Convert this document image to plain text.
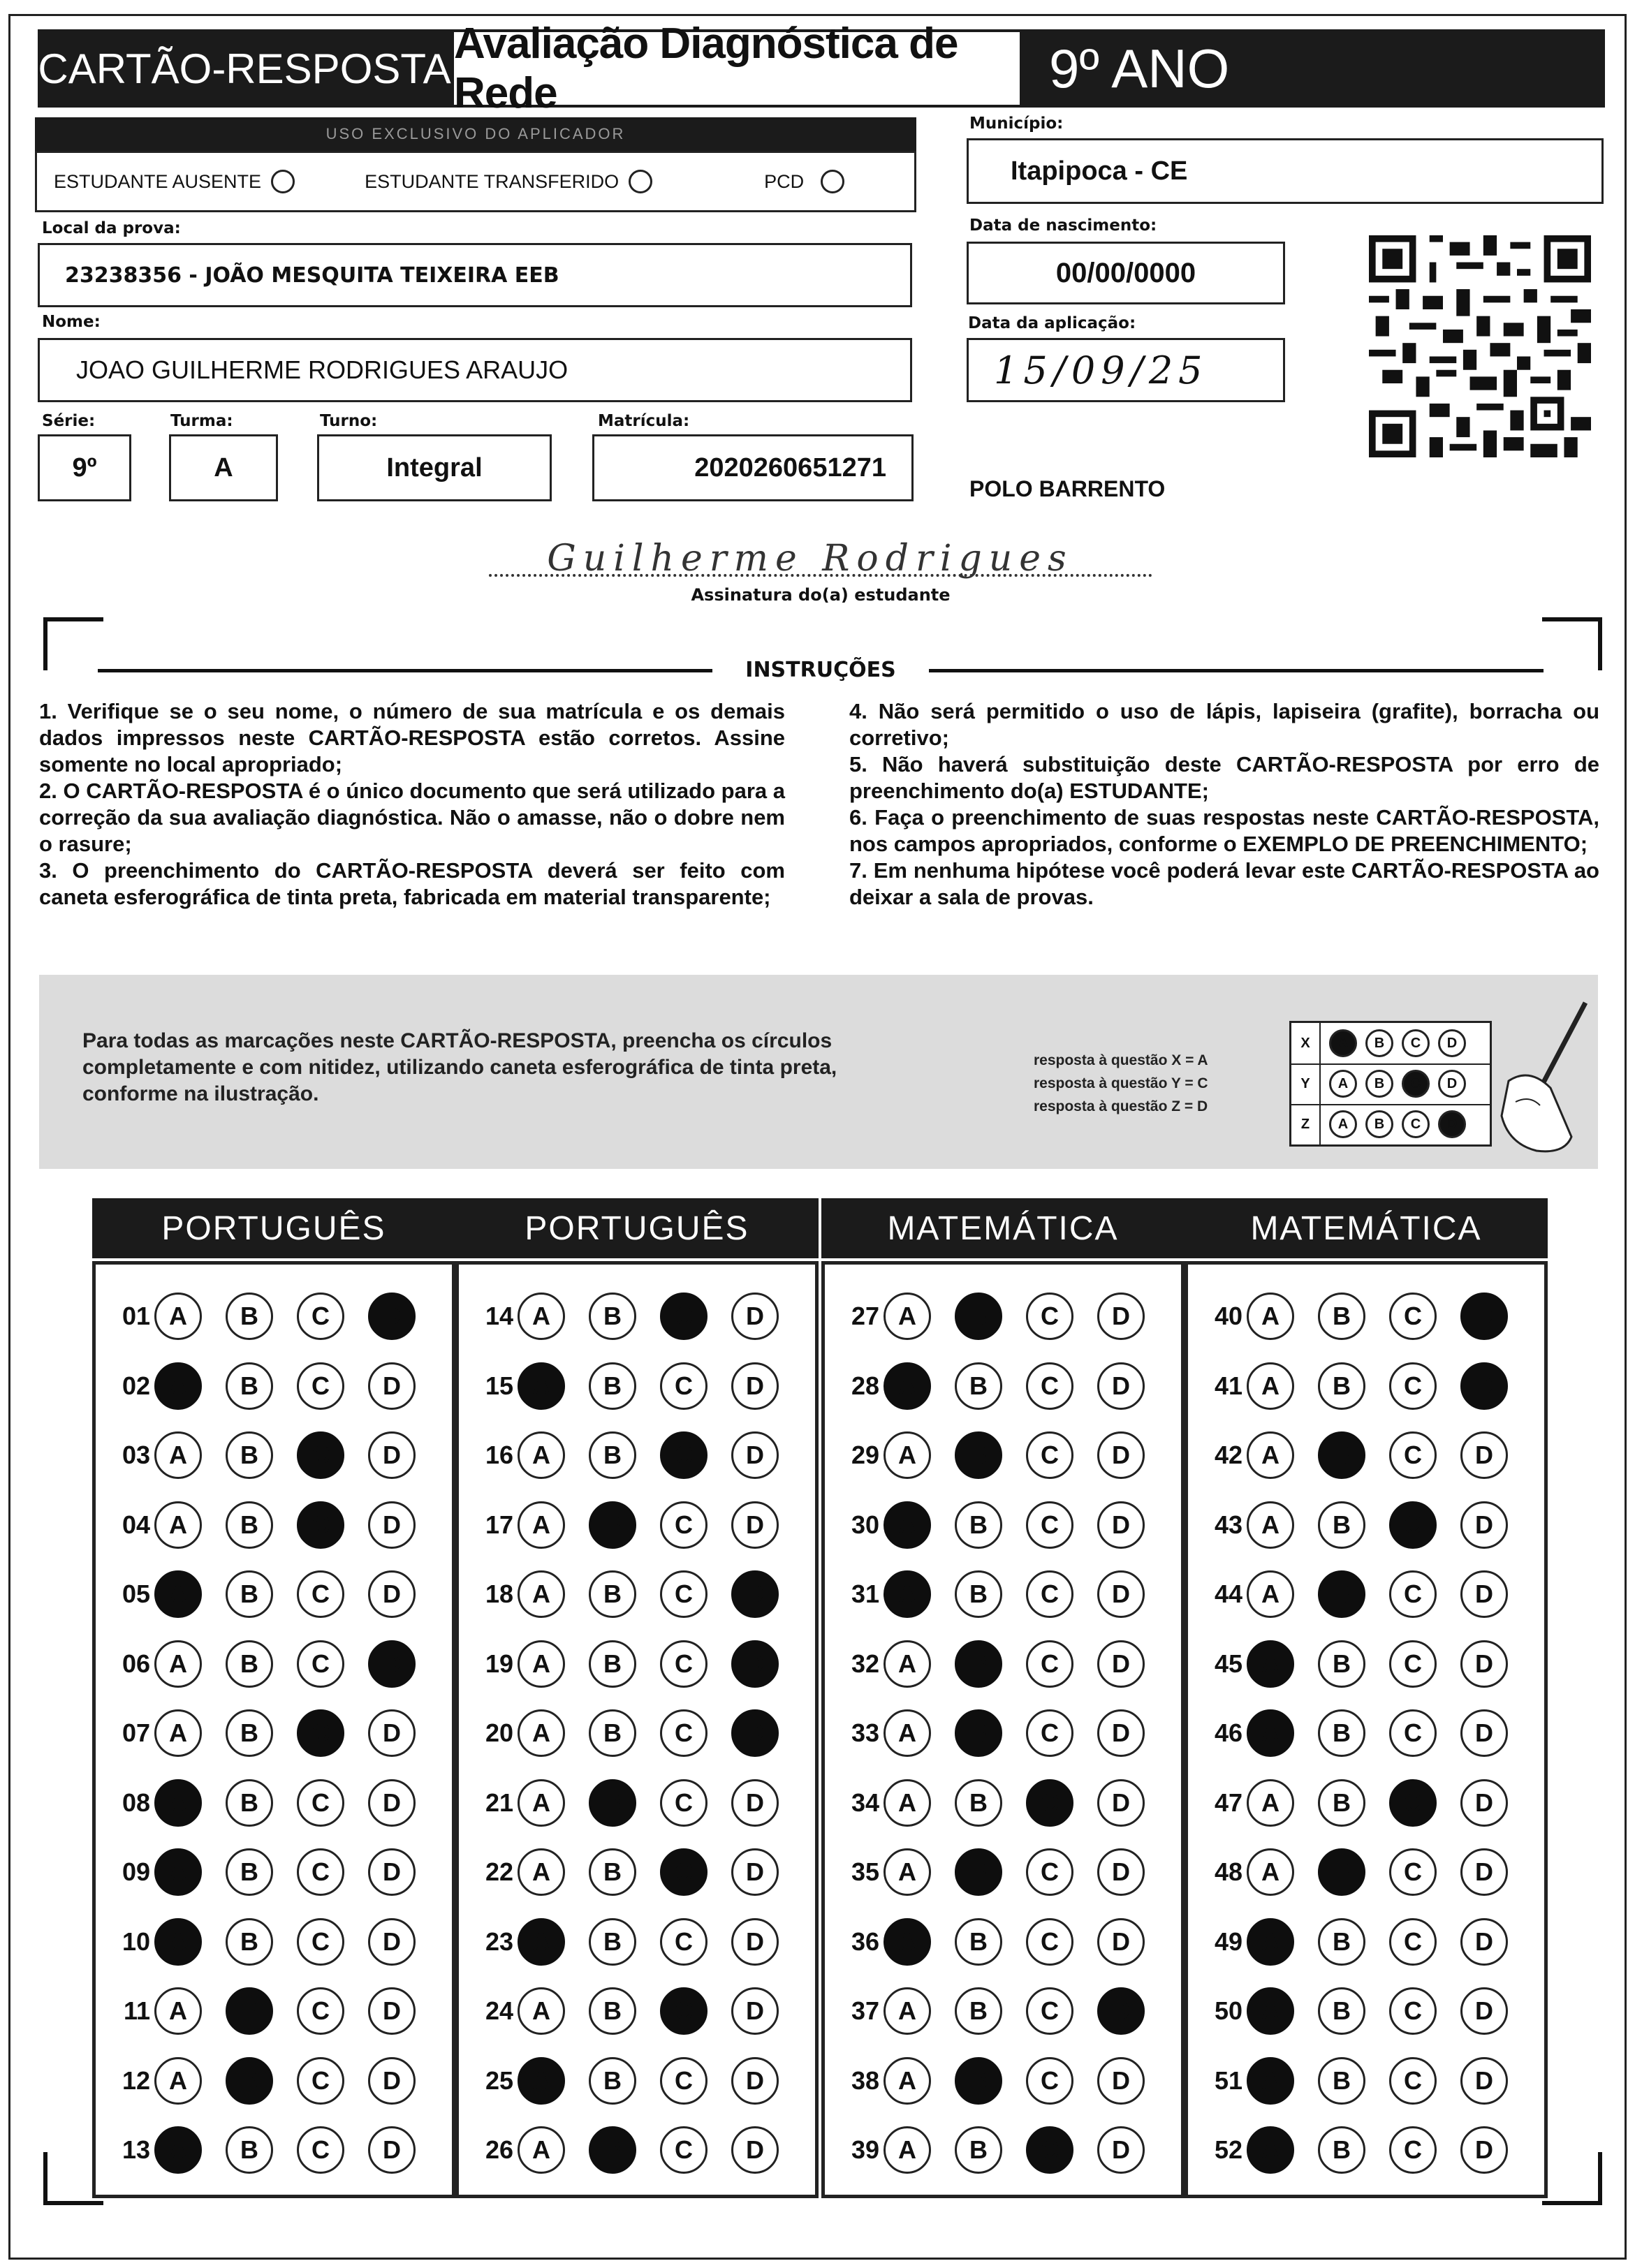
CARTÃO-RESPOSTA
Avaliação Diagnóstica de Rede	9º ANO
USO EXCLUSIVO DO APLICADOR
ESTUDANTE AUSENTE	ESTUDANTE TRANSFERIDO	PCD
Município:
Itapipoca - CE
Local da prova:
23238356 - JOÃO MESQUITA TEIXEIRA EEB
Data de nascimento:
00/00/0000
Nome:
JOAO GUILHERME RODRIGUES ARAUJO
Data da aplicação:
15/09/25
Série:
9º
Turma:
A
Turno:
Integral
Matrícula:
2020260651271
POLO BARRENTO
Guilherme Rodrigues
Assinatura do(a) estudante
INSTRUÇÕES

1. Verifique se o seu nome, o número de sua matrícula e os demais dados impressos neste CARTÃO-RESPOSTA estão corretos. Assine somente no local apropriado;

2. O CARTÃO-RESPOSTA é o único documento que será utilizado para a correção da sua avaliação diagnóstica. Não o amasse, não o dobre nem o rasure;

3. O preenchimento do CARTÃO-RESPOSTA deverá ser feito com caneta esferográfica de tinta preta, fabricada em material transparente;

4. Não será permitido o uso de lápis, lapiseira (grafite), borracha ou corretivo;

5. Não haverá substituição deste CARTÃO-RESPOSTA por erro de preenchimento do(a) ESTUDANTE;

6. Faça o preenchimento de suas respostas neste CARTÃO-RESPOSTA, nos campos apropriados, conforme o EXEMPLO DE PREENCHIMENTO;

7. Em nenhuma hipótese você poderá levar este CARTÃO-RESPOSTA ao deixar a sala de provas.

Para todas as marcações neste CARTÃO-RESPOSTA, preencha os círculos completamente e com nitidez, utilizando caneta esferográfica de tinta preta, conforme na ilustração.
resposta à questão X = A
resposta à questão Y = C
resposta à questão Z = D
X	A	B	C	D
Y	A	B	C	D
Z	A	B	C	D
PORTUGUÊS
01 A	B	C	D
02 A	B	C	D
03 A	B	C	D
04 A	B	C	D
05 A	B	C	D
06 A	B	C	D
07 A	B	C	D
08 A	B	C	D
09 A	B	C	D
10 A	B	C	D
11 A	B	C	D
12 A	B	C	D
13 A	B	C	D
PORTUGUÊS
14 A	B	C	D
15 A	B	C	D
16 A	B	C	D
17 A	B	C	D
18 A	B	C	D
19 A	B	C	D
20 A	B	C	D
21 A	B	C	D
22 A	B	C	D
23 A	B	C	D
24 A	B	C	D
25 A	B	C	D
26 A	B	C	D
MATEMÁTICA
27 A	B	C	D
28 A	B	C	D
29 A	B	C	D
30 A	B	C	D
31 A	B	C	D
32 A	B	C	D
33 A	B	C	D
34 A	B	C	D
35 A	B	C	D
36 A	B	C	D
37 A	B	C	D
38 A	B	C	D
39 A	B	C	D
MATEMÁTICA
40 A	B	C	D
41 A	B	C	D
42 A	B	C	D
43 A	B	C	D
44 A	B	C	D
45 A	B	C	D
46 A	B	C	D
47 A	B	C	D
48 A	B	C	D
49 A	B	C	D
50 A	B	C	D
51 A	B	C	D
52 A	B	C	D
